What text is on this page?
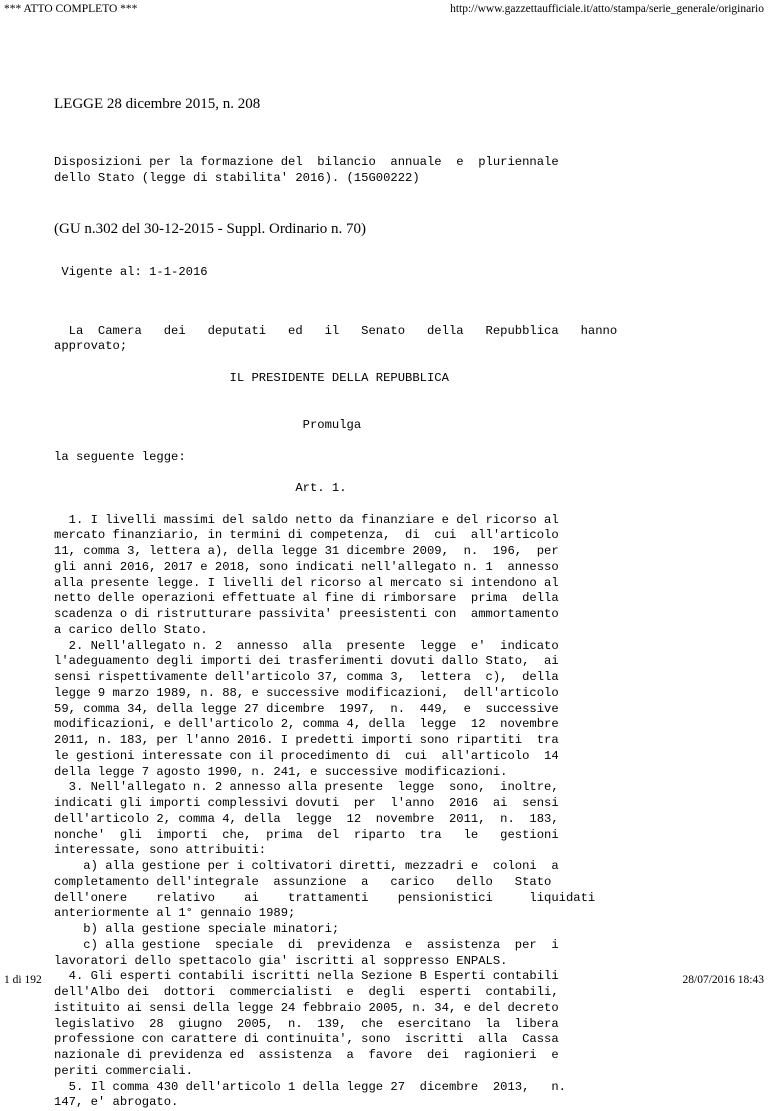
*** ATTO COMPLETO ***	http://www.gazzettaufficiale.it/atto/stampa/serie_generale/originario
LEGGE 28 dicembre 2015, n. 208
Disposizioni per la formazione del  bilancio  annuale  e  pluriennale
dello Stato (legge di stabilita' 2016). (15G00222)
(GU n.302 del 30-12-2015 - Suppl. Ordinario n. 70)
Vigente al: 1-1-2016

La  Camera   dei   deputati   ed   il   Senato   della   Repubblica   hanno
approvato;

IL PRESIDENTE DELLA REPUBBLICA

Promulga

la seguente legge:

Art. 1.

1. I livelli massimi del saldo netto da finanziare e del ricorso al
mercato finanziario, in termini di competenza,  di  cui  all'articolo
11, comma 3, lettera a), della legge 31 dicembre 2009,  n.  196,  per
gli anni 2016, 2017 e 2018, sono indicati nell'allegato n. 1  annesso
alla presente legge. I livelli del ricorso al mercato si intendono al
netto delle operazioni effettuate al fine di rimborsare  prima  della
scadenza o di ristrutturare passivita' preesistenti con  ammortamento
a carico dello Stato.
2. Nell'allegato n. 2  annesso  alla  presente  legge  e'  indicato
l'adeguamento degli importi dei trasferimenti dovuti dallo Stato,  ai
sensi rispettivamente dell'articolo 37, comma 3,  lettera  c),  della
legge 9 marzo 1989, n. 88, e successive modificazioni,  dell'articolo
59, comma 34, della legge 27 dicembre  1997,  n.  449,  e  successive
modificazioni, e dell'articolo 2, comma 4, della  legge  12  novembre
2011, n. 183, per l'anno 2016. I predetti importi sono ripartiti  tra
le gestioni interessate con il procedimento di  cui  all'articolo  14
della legge 7 agosto 1990, n. 241, e successive modificazioni.
3. Nell'allegato n. 2 annesso alla presente  legge  sono,  inoltre,
indicati gli importi complessivi dovuti  per  l'anno  2016  ai  sensi
dell'articolo 2, comma 4, della  legge  12  novembre  2011,  n.  183,
nonche'  gli  importi  che,  prima  del  riparto  tra   le   gestioni
interessate, sono attribuiti:
a) alla gestione per i coltivatori diretti, mezzadri e  coloni  a
completamento dell'integrale  assunzione  a   carico   dello   Stato
dell'onere    relativo    ai    trattamenti    pensionistici     liquidati
anteriormente al 1° gennaio 1989;
b) alla gestione speciale minatori;
c) alla gestione  speciale  di  previdenza  e  assistenza  per  i
lavoratori dello spettacolo gia' iscritti al soppresso ENPALS.
4. Gli esperti contabili iscritti nella Sezione B Esperti contabili
dell'Albo dei  dottori  commercialisti  e  degli  esperti  contabili,
istituito ai sensi della legge 24 febbraio 2005, n. 34, e del decreto
legislativo  28  giugno  2005,  n.  139,  che  esercitano  la  libera
professione con carattere di continuita', sono  iscritti  alla  Cassa
nazionale di previdenza ed  assistenza  a  favore  dei  ragionieri  e
periti commerciali.
5. Il comma 430 dell'articolo 1 della legge 27  dicembre  2013,   n.
147, e' abrogato.
1 di 192	28/07/2016 18:43
